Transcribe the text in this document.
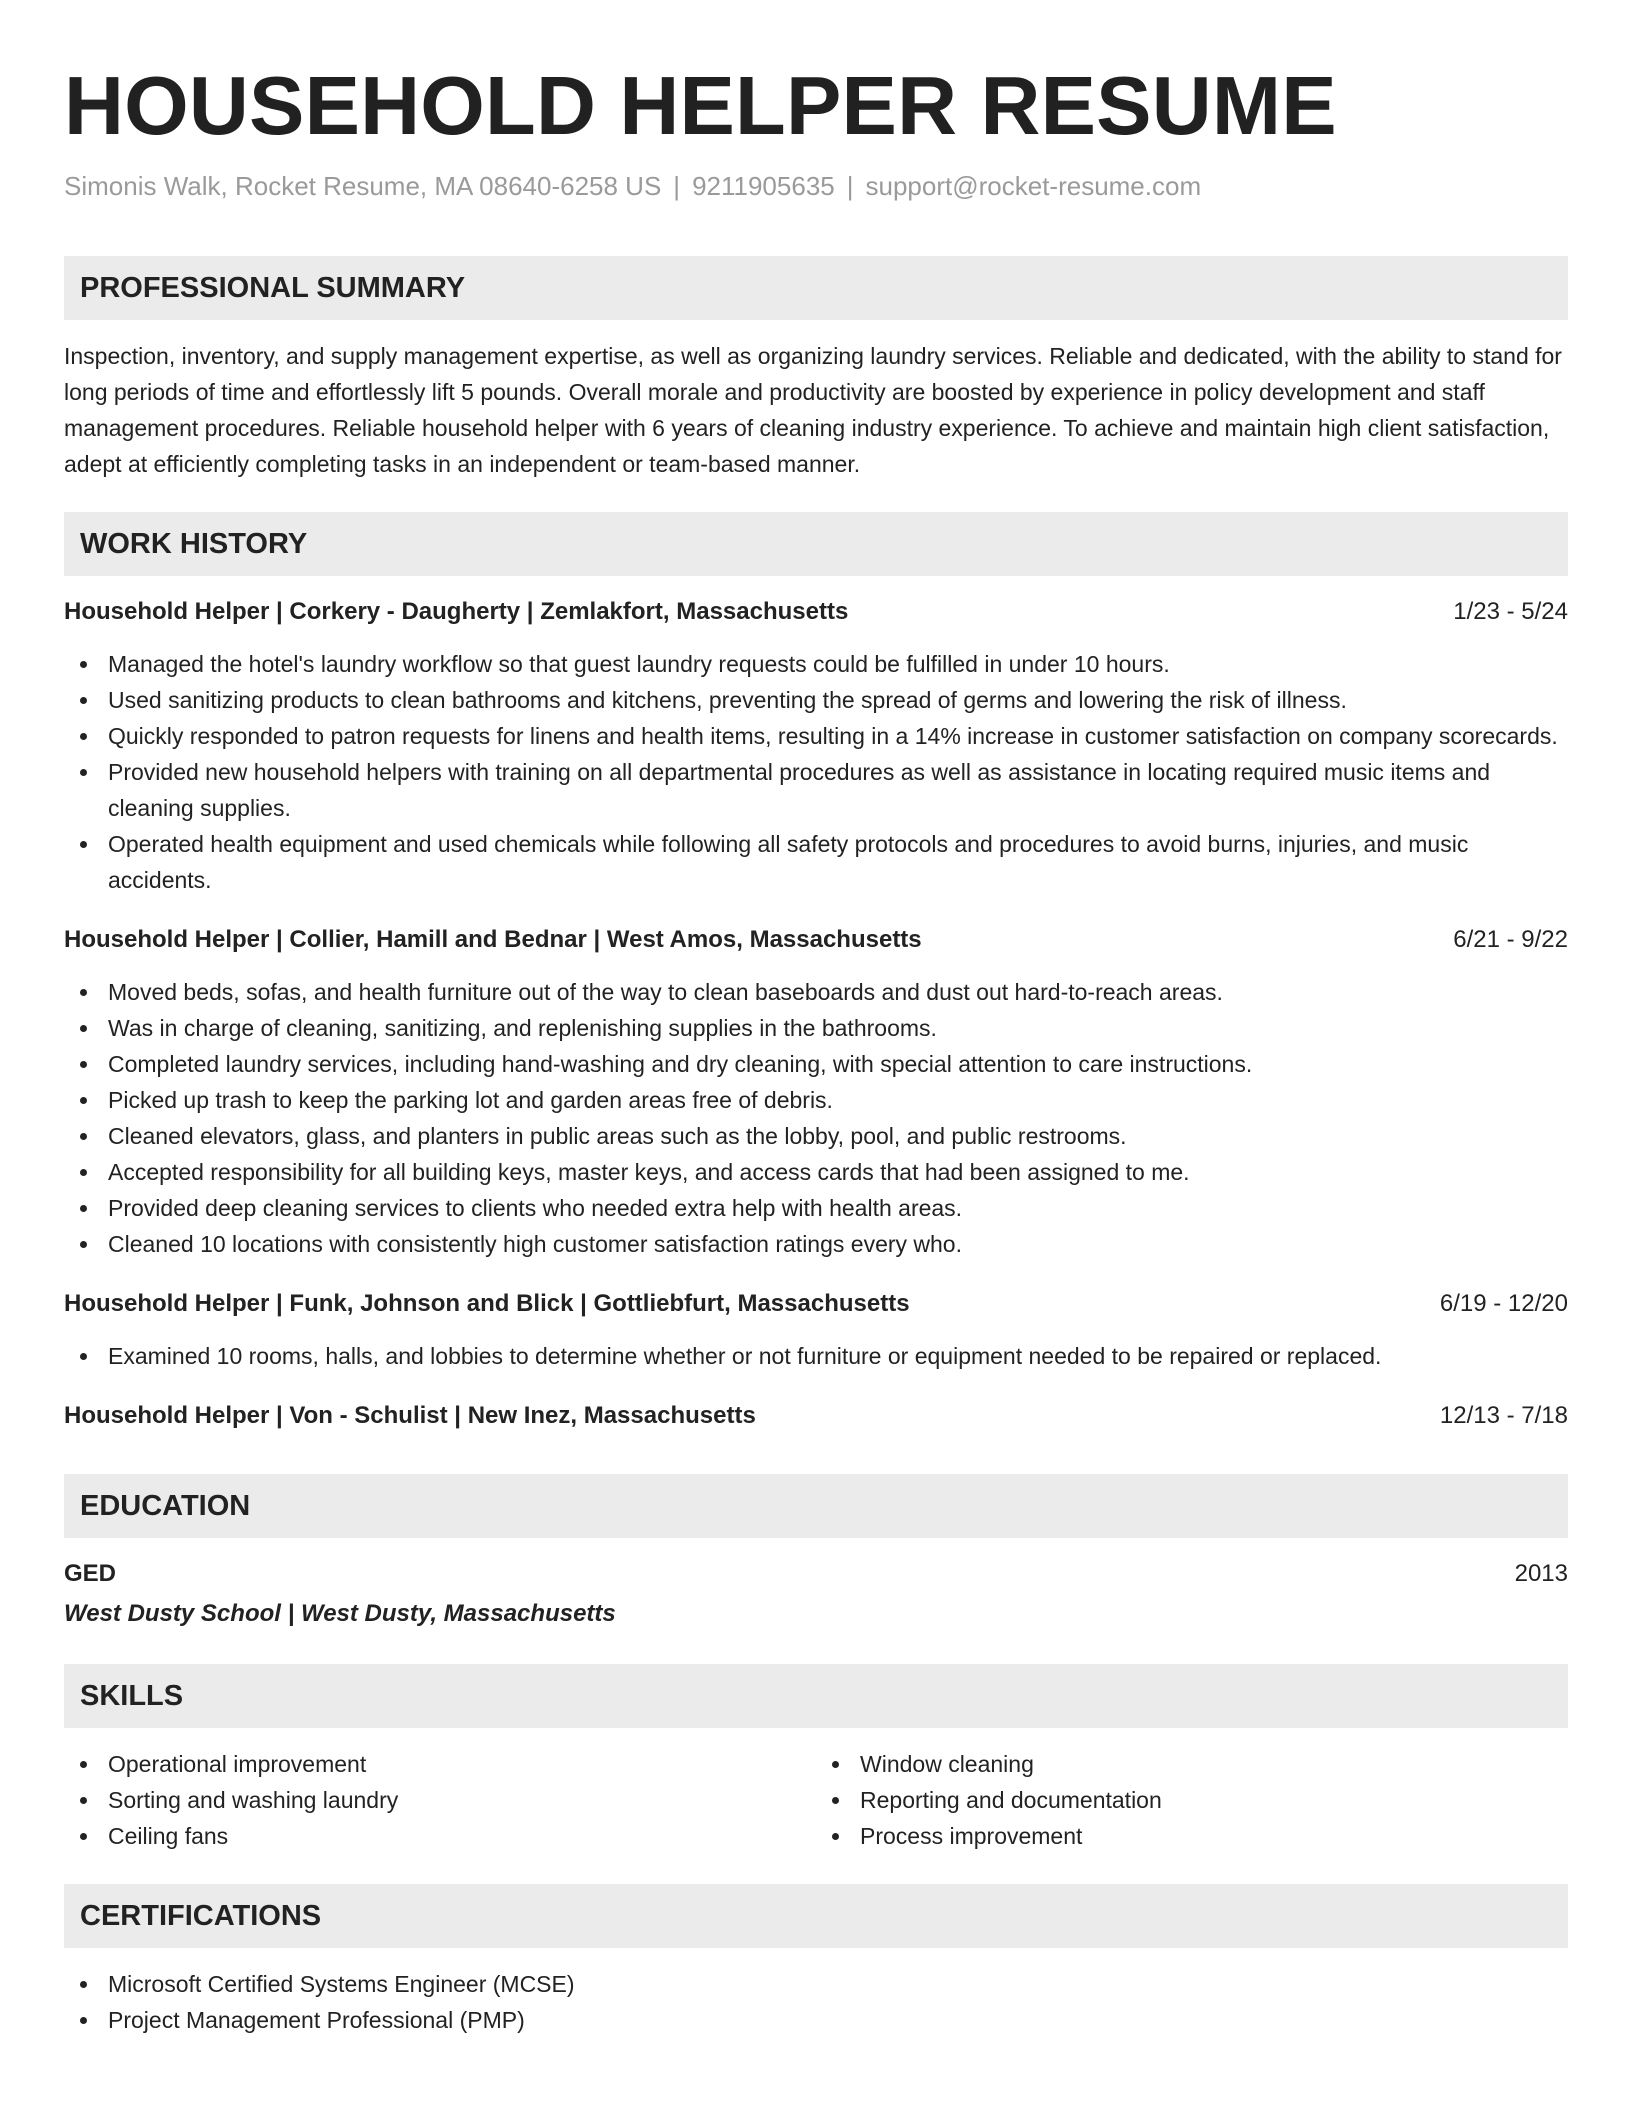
HOUSEHOLD HELPER RESUME
Simonis Walk, Rocket Resume, MA 08640-6258 US | 9211905635 | support@rocket-resume.com
PROFESSIONAL SUMMARY
Inspection, inventory, and supply management expertise, as well as organizing laundry services. Reliable and dedicated, with the ability to stand for long periods of time and effortlessly lift 5 pounds. Overall morale and productivity are boosted by experience in policy development and staff management procedures. Reliable household helper with 6 years of cleaning industry experience. To achieve and maintain high client satisfaction, adept at efficiently completing tasks in an independent or team-based manner.
WORK HISTORY
Household Helper | Corkery - Daugherty | Zemlakfort, Massachusetts	1/23 - 5/24
Managed the hotel's laundry workflow so that guest laundry requests could be fulfilled in under 10 hours.
Used sanitizing products to clean bathrooms and kitchens, preventing the spread of germs and lowering the risk of illness.
Quickly responded to patron requests for linens and health items, resulting in a 14% increase in customer satisfaction on company scorecards.
Provided new household helpers with training on all departmental procedures as well as assistance in locating required music items and cleaning supplies.
Operated health equipment and used chemicals while following all safety protocols and procedures to avoid burns, injuries, and music accidents.
Household Helper | Collier, Hamill and Bednar | West Amos, Massachusetts	6/21 - 9/22
Moved beds, sofas, and health furniture out of the way to clean baseboards and dust out hard-to-reach areas.
Was in charge of cleaning, sanitizing, and replenishing supplies in the bathrooms.
Completed laundry services, including hand-washing and dry cleaning, with special attention to care instructions.
Picked up trash to keep the parking lot and garden areas free of debris.
Cleaned elevators, glass, and planters in public areas such as the lobby, pool, and public restrooms.
Accepted responsibility for all building keys, master keys, and access cards that had been assigned to me.
Provided deep cleaning services to clients who needed extra help with health areas.
Cleaned 10 locations with consistently high customer satisfaction ratings every who.
Household Helper | Funk, Johnson and Blick | Gottliebfurt, Massachusetts	6/19 - 12/20
Examined 10 rooms, halls, and lobbies to determine whether or not furniture or equipment needed to be repaired or replaced.
Household Helper | Von - Schulist | New Inez, Massachusetts	12/13 - 7/18
EDUCATION
GED	2013
West Dusty School | West Dusty, Massachusetts
SKILLS
Operational improvement
Sorting and washing laundry
Ceiling fans
Window cleaning
Reporting and documentation
Process improvement
CERTIFICATIONS
Microsoft Certified Systems Engineer (MCSE)
Project Management Professional (PMP)
